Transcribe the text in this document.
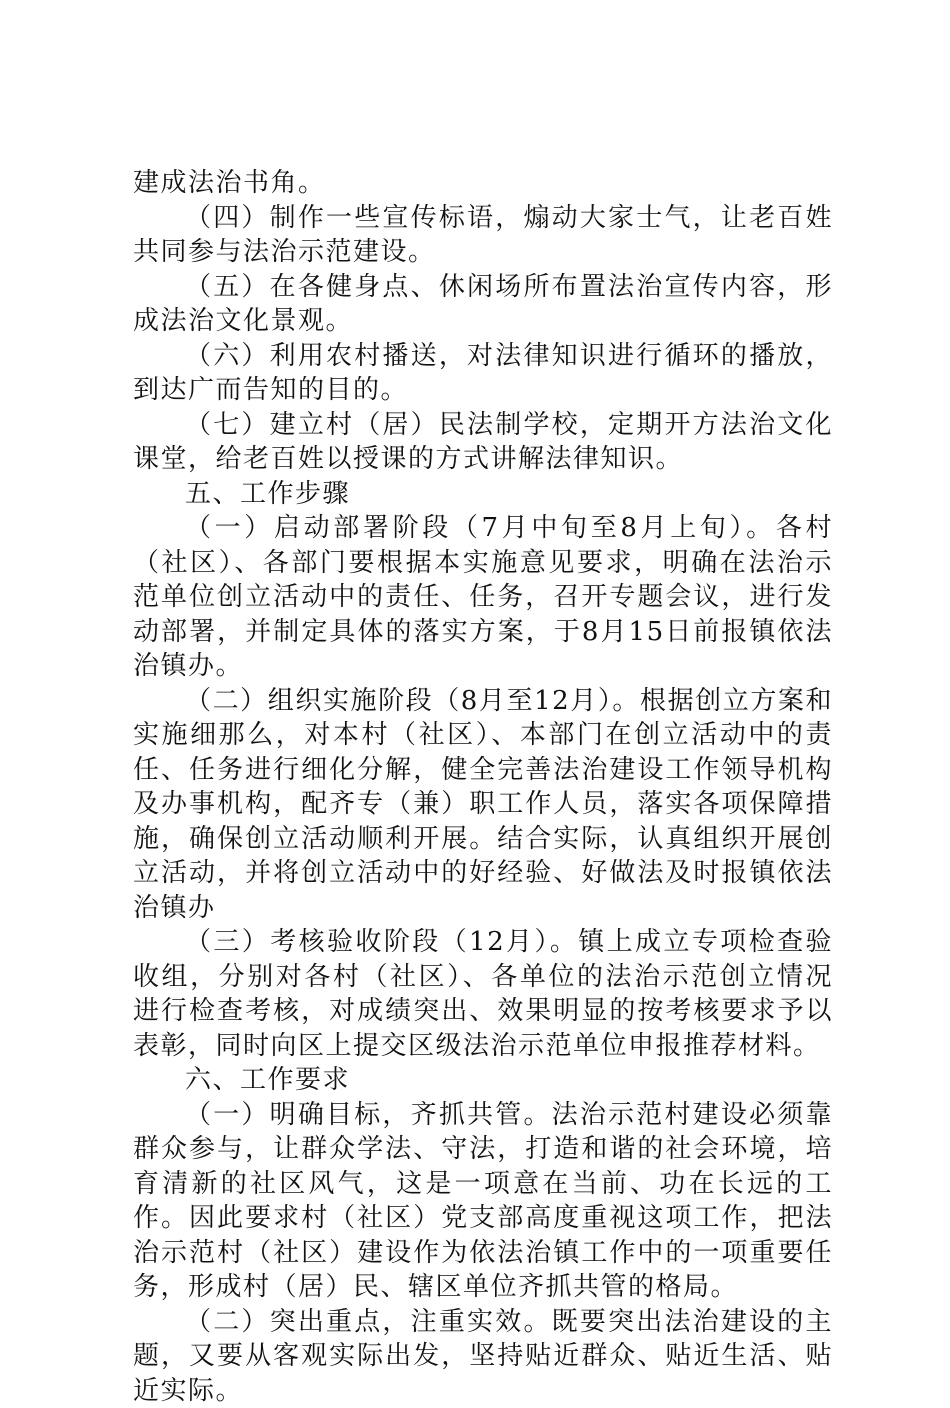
建成法治书角。

（四）制作一些宣传标语，煽动大家士气，让老百姓共同参与法治示范建设。

（五）在各健身点、休闲场所布置法治宣传内容，形成法治文化景观。

（六）利用农村播送，对法律知识进行循环的播放，到达广而告知的目的。

（七）建立村（居）民法制学校，定期开方法治文化课堂，给老百姓以授课的方式讲解法律知识。

五、工作步骤

（一）启动部署阶段（7月中旬至8月上旬）。各村（社区）、各部门要根据本实施意见要求，明确在法治示范单位创立活动中的责任、任务，召开专题会议，进行发动部署，并制定具体的落实方案，于8月15日前报镇依法治镇办。

（二）组织实施阶段（8月至12月）。根据创立方案和实施细那么，对本村（社区）、本部门在创立活动中的责任、任务进行细化分解，健全完善法治建设工作领导机构及办事机构，配齐专（兼）职工作人员，落实各项保障措施，确保创立活动顺利开展。结合实际，认真组织开展创立活动，并将创立活动中的好经验、好做法及时报镇依法治镇办

（三）考核验收阶段（12月）。镇上成立专项检查验收组，分别对各村（社区）、各单位的法治示范创立情况进行检查考核，对成绩突出、效果明显的按考核要求予以表彰，同时向区上提交区级法治示范单位申报推荐材料。

六、工作要求

（一）明确目标，齐抓共管。法治示范村建设必须靠群众参与，让群众学法、守法，打造和谐的社会环境，培育清新的社区风气，这是一项意在当前、功在长远的工作。因此要求村（社区）党支部高度重视这项工作，把法治示范村（社区）建设作为依法治镇工作中的一项重要任务，形成村（居）民、辖区单位齐抓共管的格局。

（二）突出重点，注重实效。既要突出法治建设的主题，又要从客观实际出发，坚持贴近群众、贴近生活、贴近实际。
